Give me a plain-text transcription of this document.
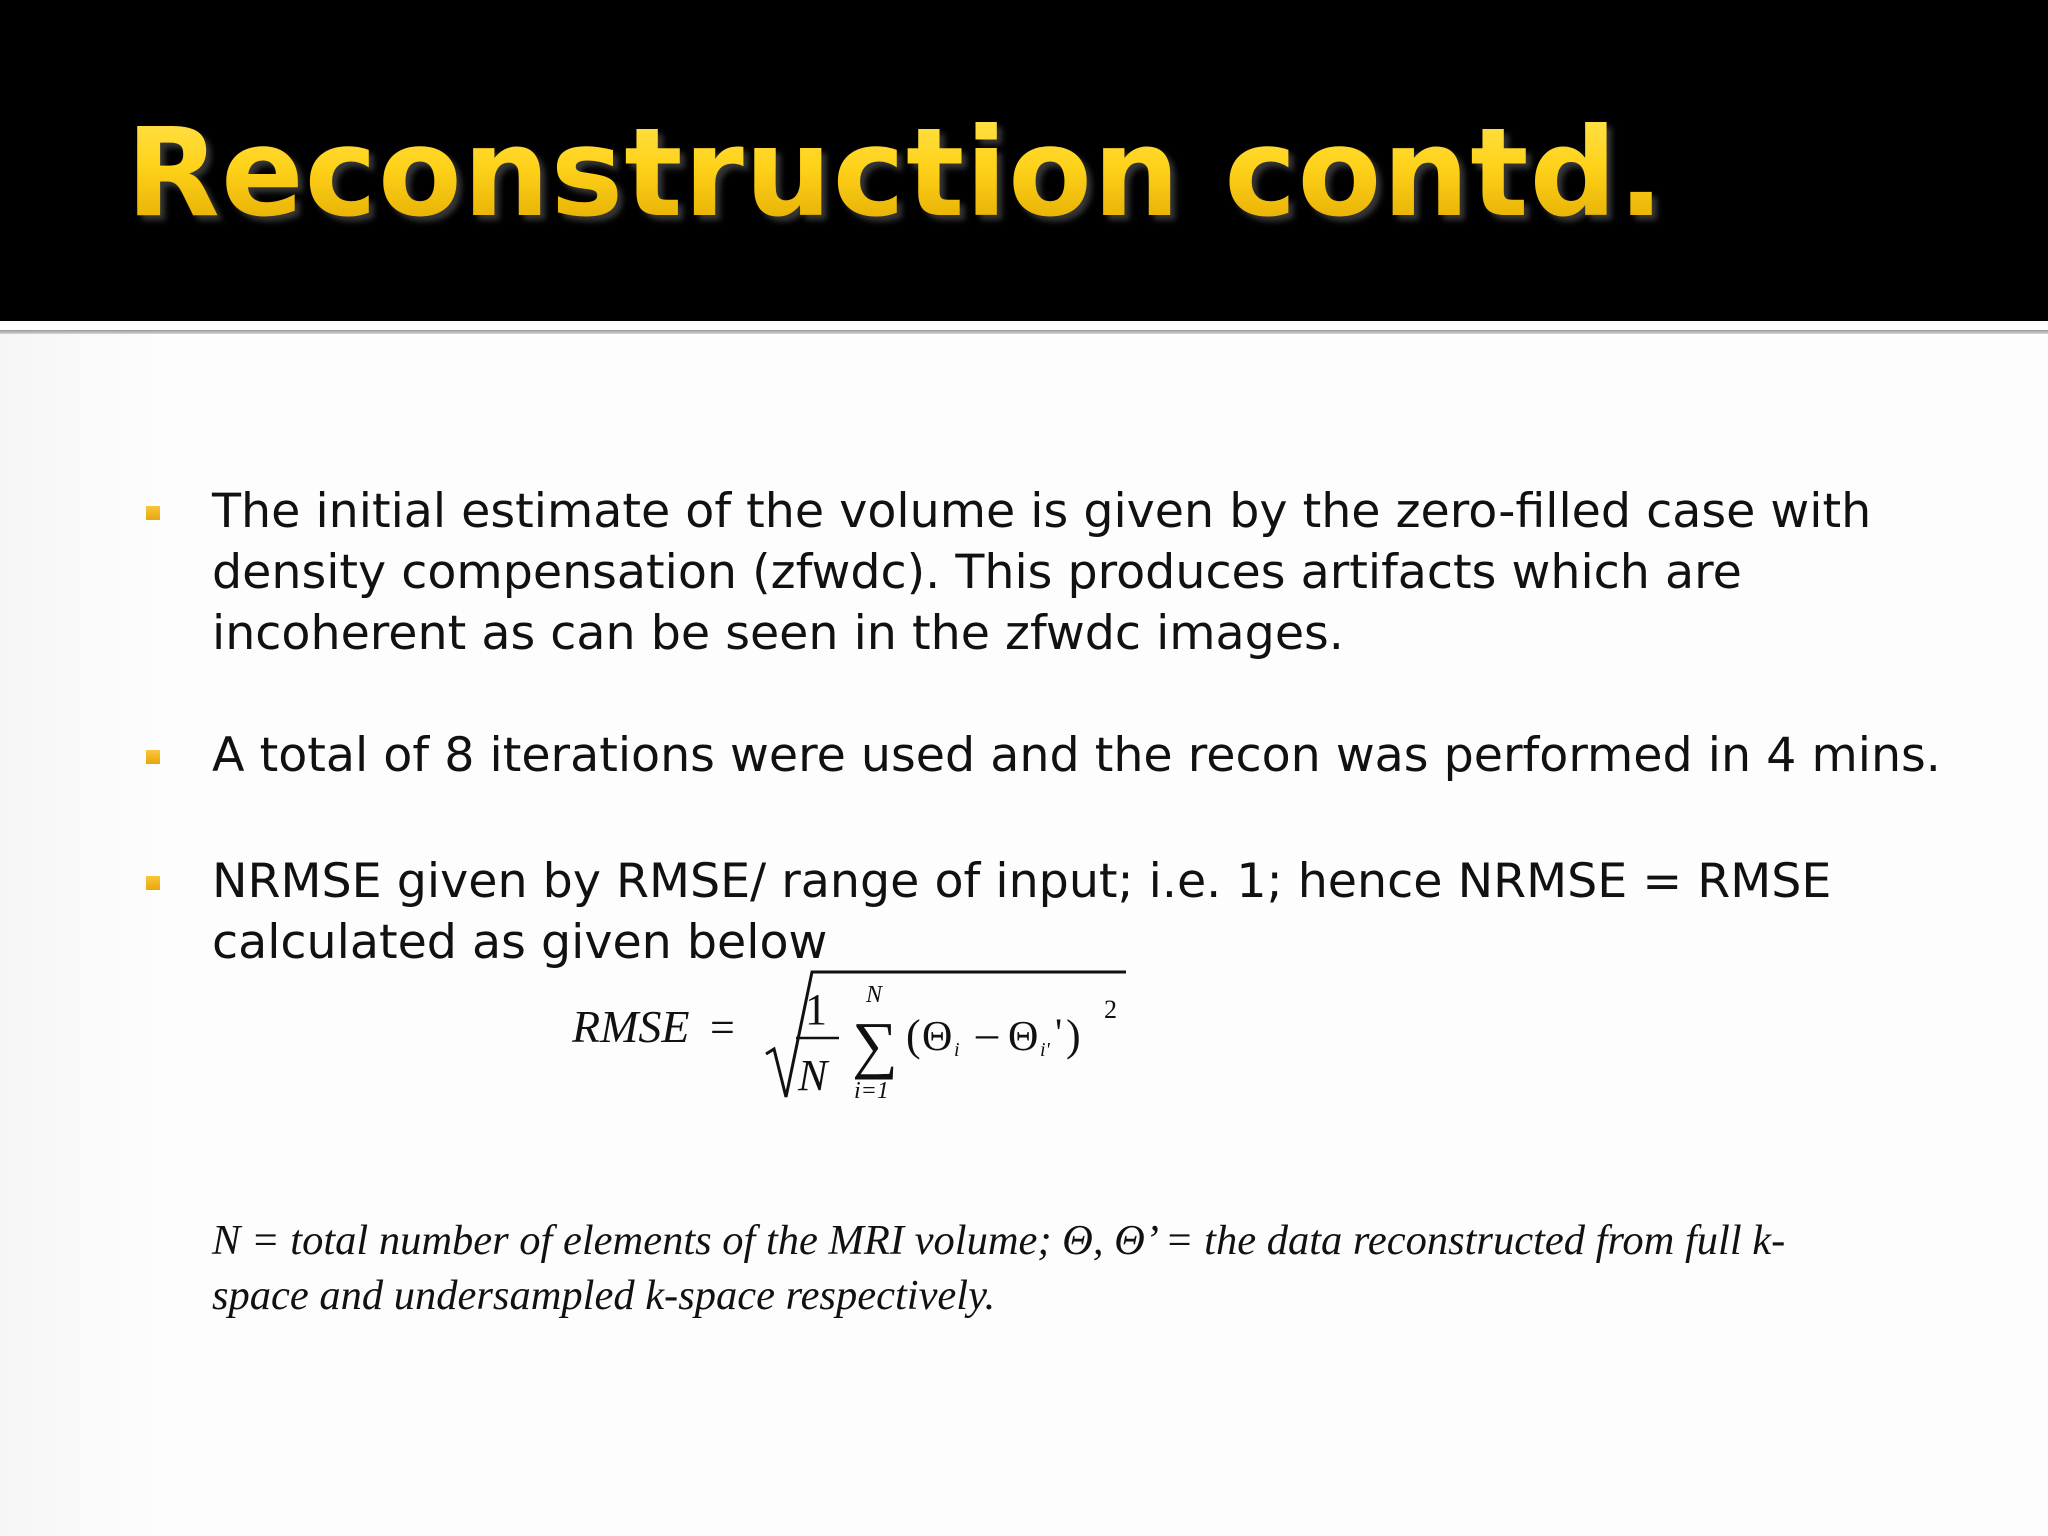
Reconstruction contd.

The initial estimate of the volume is given by the zero-filled case with

density compensation (zfwdc). This produces artifacts which are

incoherent as can be seen in the zfwdc images.

A total of 8 iterations were used and the recon was performed in 4 mins.

NRMSE given by RMSE/ range of input; i.e. 1; hence NRMSE = RMSE

calculated as given below

RMSE = 1
N
N
∑
i=1
( Θ i – Θ i' ' )
2

N = total number of elements of the MRI volume; Θ, Θ’ = the data reconstructed from full k-

space and undersampled k-space respectively.
